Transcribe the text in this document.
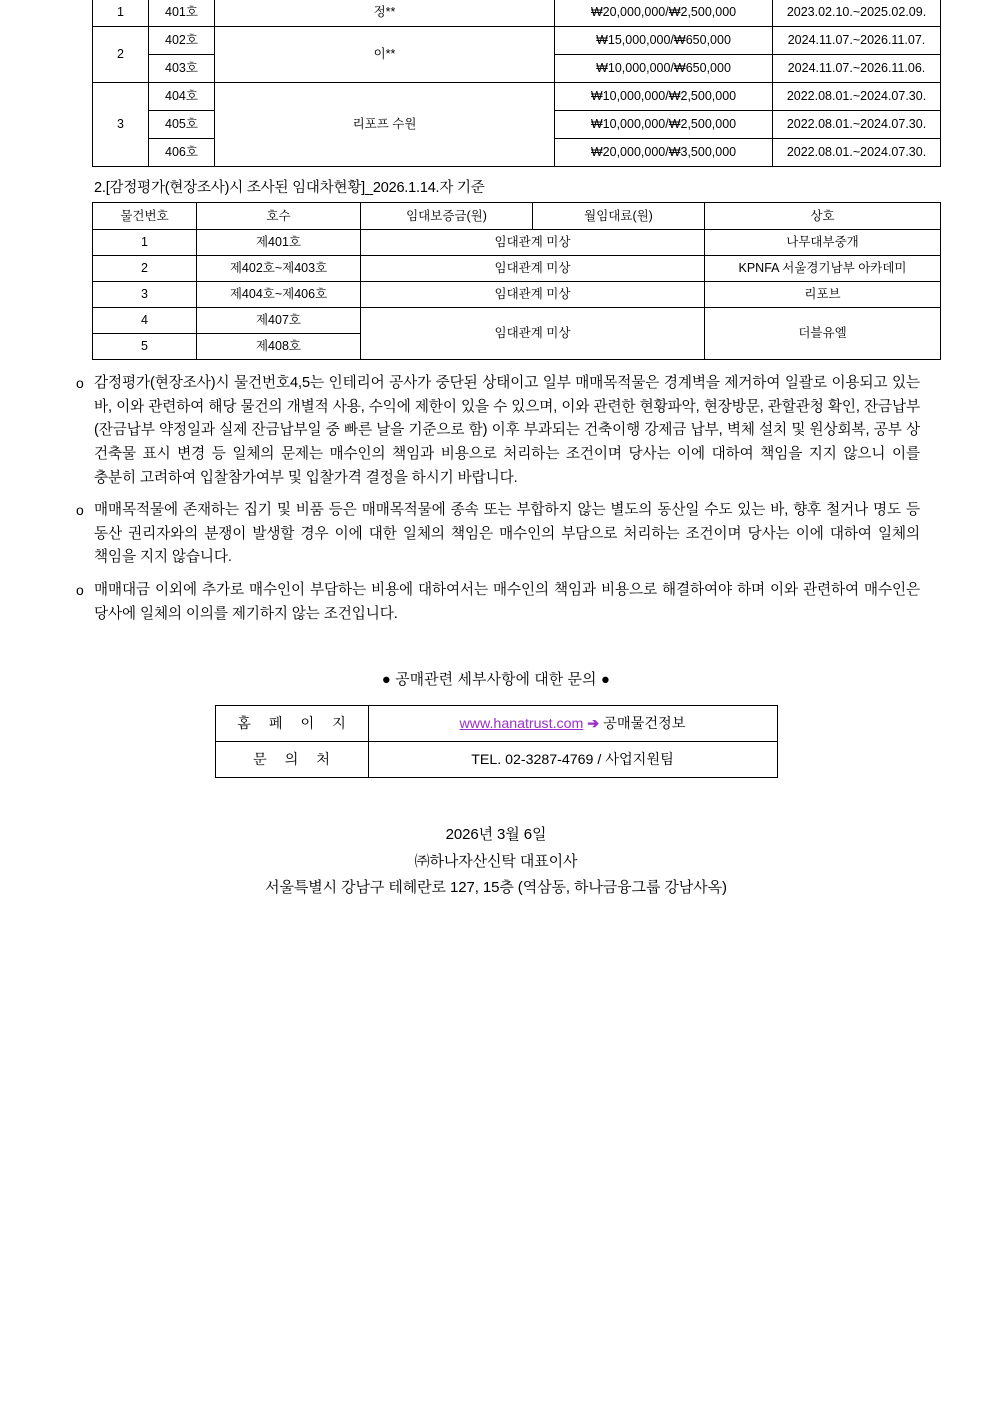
1	401호	정**	₩20,000,000/₩2,500,000	2023.02.10.~2025.02.09.
2	402호	이**	₩15,000,000/₩650,000	2024.11.07.~2026.11.07.
	403호		₩10,000,000/₩650,000	2024.11.07.~2026.11.06.
3	404호	리포프 수원	₩10,000,000/₩2,500,000	2022.08.01.~2024.07.30.
	405호		₩10,000,000/₩2,500,000	2022.08.01.~2024.07.30.
	406호		₩20,000,000/₩3,500,000	2022.08.01.~2024.07.30.
2.[감정평가(현장조사)시 조사된 임대차현황]_2026.1.14.자 기준
물건번호	호수	임대보증금(원)	월임대료(원)	상호
1	제401호	임대관계 미상		나무대부중개
2	제402호~제403호	임대관계 미상		KPNFA 서울경기남부 아카데미
3	제404호~제406호	임대관계 미상		리포브
4	제407호	임대관계 미상		더블유엘
5	제408호			
o 감정평가(현장조사)시 물건번호4,5는 인테리어 공사가 중단된 상태이고 일부 매매목적물은 경계벽을 제거하여 일괄로 이용되고 있는 바, 이와 관련하여 해당 물건의 개별적 사용, 수익에 제한이 있을 수 있으며, 이와 관련한 현황파악, 현장방문, 관할관청 확인, 잔금납부(잔금납부 약정일과 실제 잔금납부일 중 빠른 날을 기준으로 함) 이후 부과되는 건축이행 강제금 납부, 벽체 설치 및 원상회복, 공부 상 건축물 표시 변경 등 일체의 문제는 매수인의 책임과 비용으로 처리하는 조건이며 당사는 이에 대하여 책임을 지지 않으니 이를 충분히 고려하여 입찰참가여부 및 입찰가격 결정을 하시기 바랍니다.
o 매매목적물에 존재하는 집기 및 비품 등은 매매목적물에 종속 또는 부합하지 않는 별도의 동산일 수도 있는 바, 향후 철거나 명도 등 동산 권리자와의 분쟁이 발생할 경우 이에 대한 일체의 책임은 매수인의 부담으로 처리하는 조건이며 당사는 이에 대하여 일체의 책임을 지지 않습니다.
o 매매대금 이외에 추가로 매수인이 부담하는 비용에 대하여서는 매수인의 책임과 비용으로 해결하여야 하며 이와 관련하여 매수인은 당사에 일체의 이의를 제기하지 않는 조건입니다.
● 공매관련 세부사항에 대한 문의 ●
홈 페 이 지	www.hanatrust.com ➔ 공매물건정보
문 의 처	TEL. 02-3287-4769 / 사업지원팀
2026년 3월 6일
㈜하나자산신탁 대표이사
서울특별시 강남구 테헤란로 127, 15층 (역삼동, 하나금융그룹 강남사옥)
